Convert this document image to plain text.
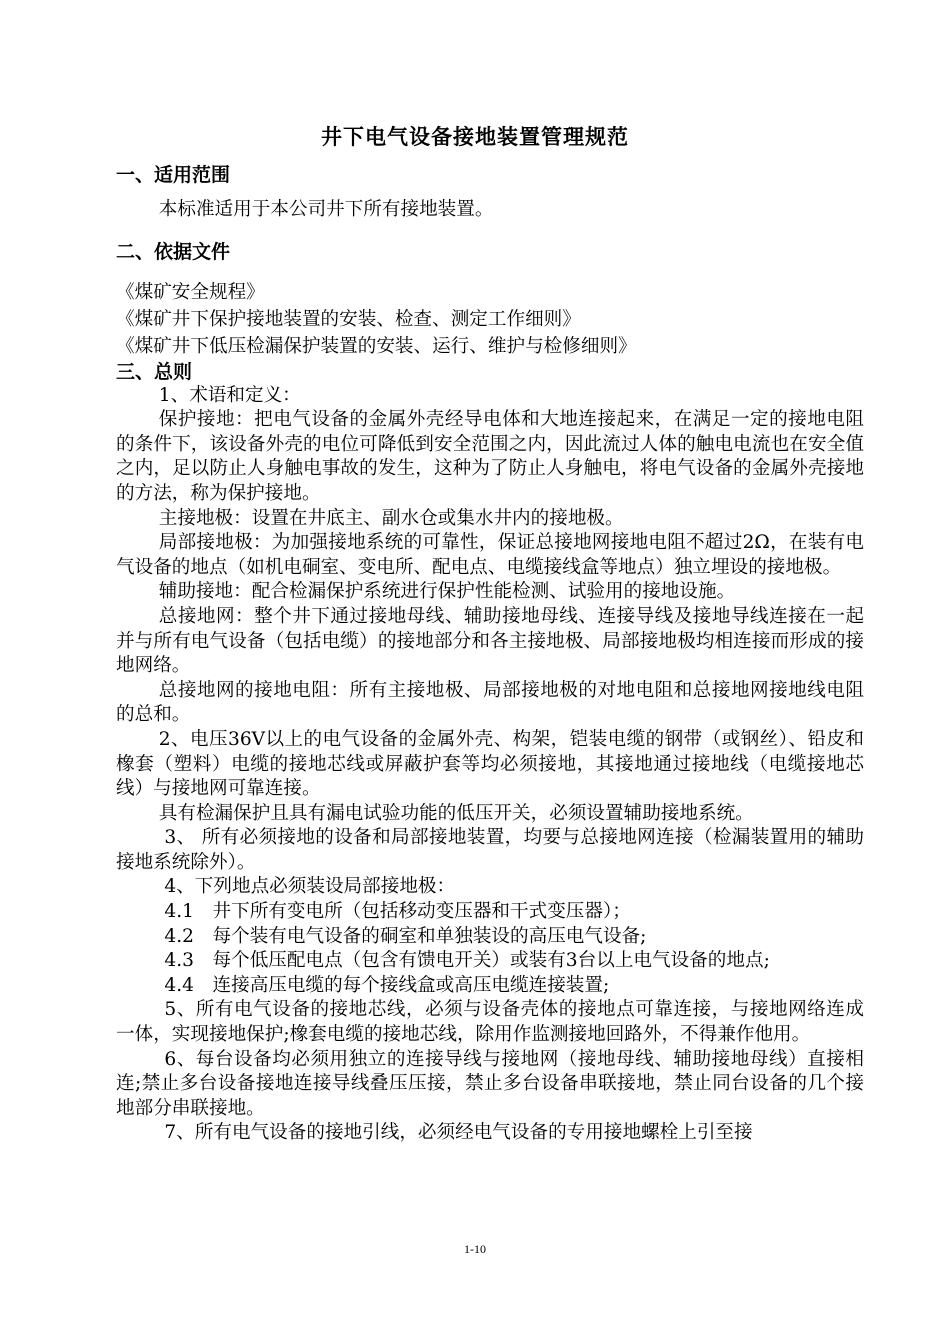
井下电气设备接地装置管理规范
一、适用范围

本标准适用于本公司井下所有接地装置。

二、依据文件

《煤矿安全规程》

《煤矿井下保护接地装置的安装、检查、测定工作细则》

《煤矿井下低压检漏保护装置的安装、运行、维护与检修细则》

三、总则

1、术语和定义：

保护接地：把电气设备的金属外壳经导电体和大地连接起来，在满足一定的接地电阻的条件下，该设备外壳的电位可降低到安全范围之内，因此流过人体的触电电流也在安全值之内，足以防止人身触电事故的发生，这种为了防止人身触电，将电气设备的金属外壳接地的方法，称为保护接地。

主接地极：设置在井底主、副水仓或集水井内的接地极。

局部接地极：为加强接地系统的可靠性，保证总接地网接地电阻不超过2Ω，在装有电气设备的地点（如机电硐室、变电所、配电点、电缆接线盒等地点）独立埋设的接地极。

辅助接地：配合检漏保护系统进行保护性能检测、试验用的接地设施。

总接地网：整个井下通过接地母线、辅助接地母线、连接导线及接地导线连接在一起并与所有电气设备（包括电缆）的接地部分和各主接地极、局部接地极均相连接而形成的接地网络。

总接地网的接地电阻：所有主接地极、局部接地极的对地电阻和总接地网接地线电阻的总和。

2、电压36V以上的电气设备的金属外壳、构架，铠装电缆的钢带（或钢丝）、铅皮和橡套（塑料）电缆的接地芯线或屏蔽护套等均必须接地，其接地通过接地线（电缆接地芯线）与接地网可靠连接。

具有检漏保护且具有漏电试验功能的低压开关，必须设置辅助接地系统。

3、 所有必须接地的设备和局部接地装置，均要与总接地网连接（检漏装置用的辅助接地系统除外）。

4、下列地点必须装设局部接地极：

4.1　井下所有变电所（包括移动变压器和干式变压器）；

4.2　每个装有电气设备的硐室和单独装设的高压电气设备;

4.3　每个低压配电点（包含有馈电开关）或装有3台以上电气设备的地点;

4.4　连接高压电缆的每个接线盒或高压电缆连接装置;

5、所有电气设备的接地芯线，必须与设备壳体的接地点可靠连接，与接地网络连成一体，实现接地保护;橡套电缆的接地芯线，除用作监测接地回路外，不得兼作他用。

6、每台设备均必须用独立的连接导线与接地网（接地母线、辅助接地母线）直接相连;禁止多台设备接地连接导线叠压压接，禁止多台设备串联接地，禁止同台设备的几个接地部分串联接地。

7、所有电气设备的接地引线，必须经电气设备的专用接地螺栓上引至接

1-10
